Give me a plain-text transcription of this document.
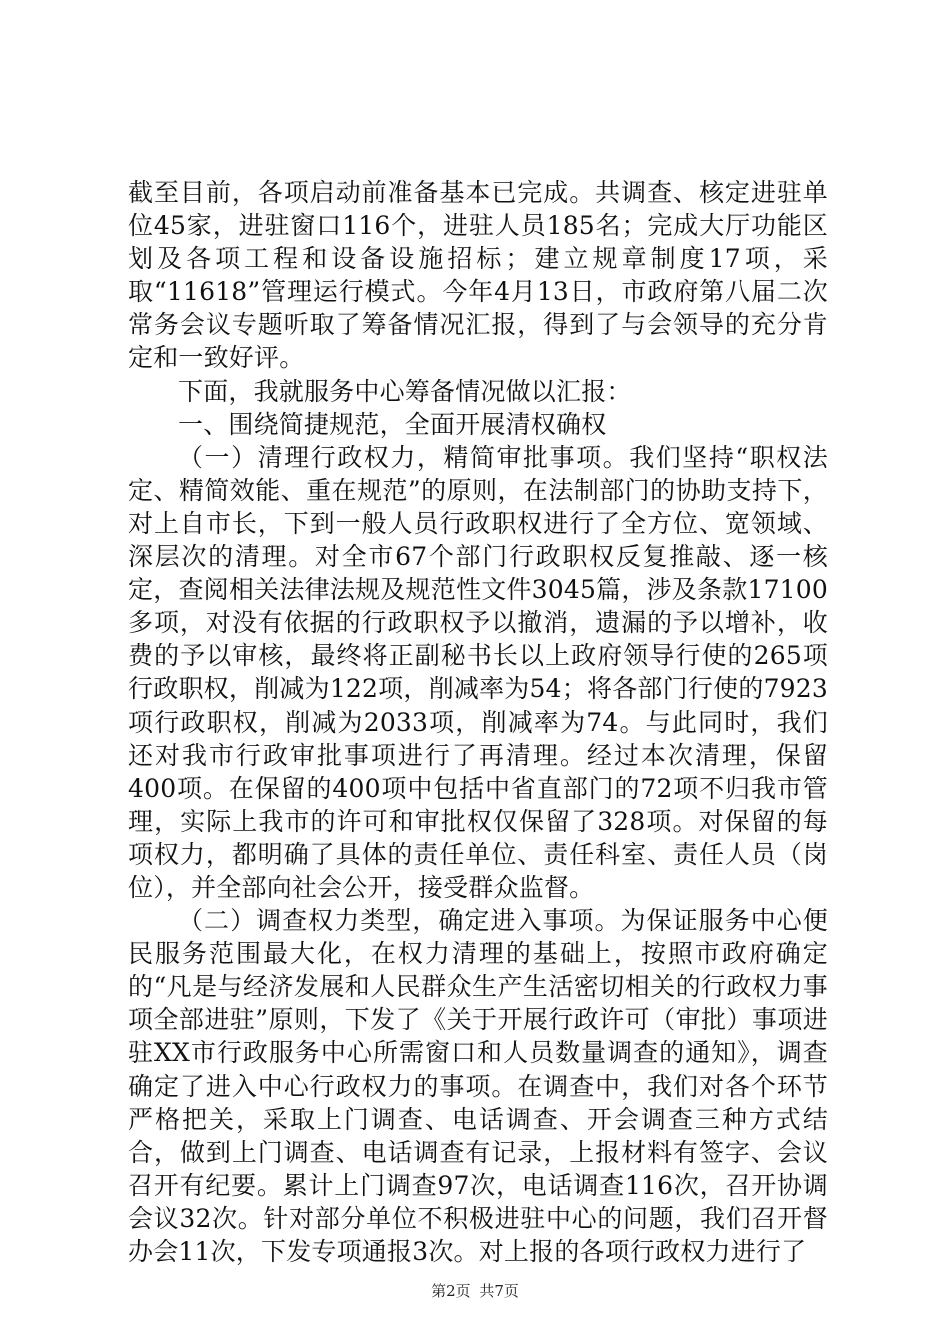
截至目前，各项启动前准备基本已完成。共调查、核定进驻单位45家，进驻窗口116个，进驻人员185名；完成大厅功能区划及各项工程和设备设施招标；建立规章制度17项，采取“11618”管理运行模式。今年4月13日，市政府第八届二次常务会议专题听取了筹备情况汇报，得到了与会领导的充分肯定和一致好评。

下面，我就服务中心筹备情况做以汇报：

一、围绕简捷规范，全面开展清权确权

（一）清理行政权力，精简审批事项。我们坚持“职权法定、精简效能、重在规范”的原则，在法制部门的协助支持下，对上自市长，下到一般人员行政职权进行了全方位、宽领域、深层次的清理。对全市67个部门行政职权反复推敲、逐一核定，查阅相关法律法规及规范性文件3045篇，涉及条款17100多项，对没有依据的行政职权予以撤消，遗漏的予以增补，收费的予以审核，最终将正副秘书长以上政府领导行使的265项行政职权，削减为122项，削减率为54；将各部门行使的7923项行政职权，削减为2033项，削减率为74。与此同时，我们还对我市行政审批事项进行了再清理。经过本次清理，保留400项。在保留的400项中包括中省直部门的72项不归我市管理，实际上我市的许可和审批权仅保留了328项。对保留的每项权力，都明确了具体的责任单位、责任科室、责任人员（岗位），并全部向社会公开，接受群众监督。

（二）调查权力类型，确定进入事项。为保证服务中心便民服务范围最大化，在权力清理的基础上，按照市政府确定的“凡是与经济发展和人民群众生产生活密切相关的行政权力事项全部进驻”原则，下发了《关于开展行政许可（审批）事项进驻XX市行政服务中心所需窗口和人员数量调查的通知》，调查确定了进入中心行政权力的事项。在调查中，我们对各个环节严格把关，采取上门调查、电话调查、开会调查三种方式结合，做到上门调查、电话调查有记录，上报材料有签字、会议召开有纪要。累计上门调查97次，电话调查116次，召开协调会议32次。针对部分单位不积极进驻中心的问题，我们召开督办会11次，下发专项通报3次。对上报的各项行政权力进行了

第2页 共7页
